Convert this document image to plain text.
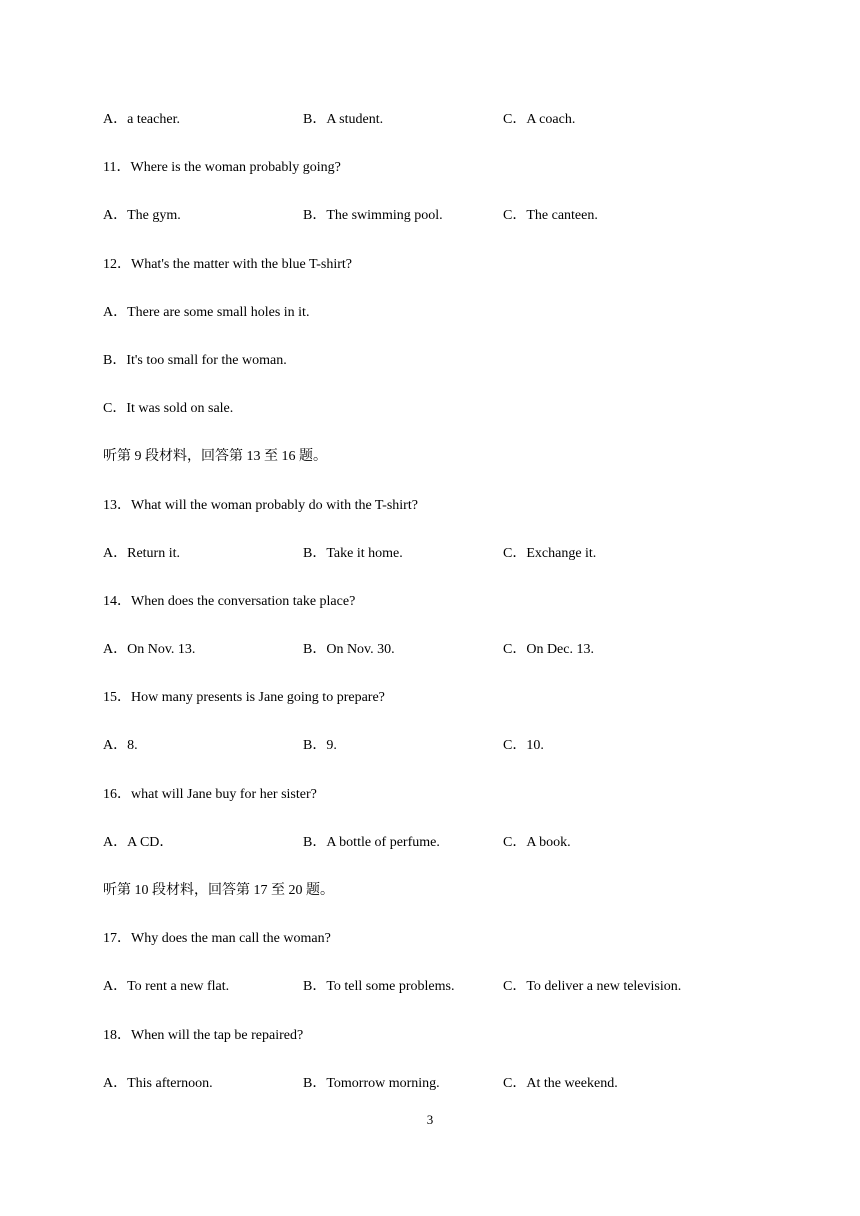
A．a teacher.	B．A student.	C．A coach.
11．Where is the woman probably going?
A．The gym.	B．The swimming pool.	C．The canteen.
12．What's the matter with the blue T-shirt?
A．There are some small holes in it.
B．It's too small for the woman.
C．It was sold on sale.
听第 9 段材料，回答第 13 至 16 题。
13．What will the woman probably do with the T-shirt?
A．Return it.	B．Take it home.	C．Exchange it.
14．When does the conversation take place?
A．On Nov. 13.	B．On Nov. 30.	C．On Dec. 13.
15．How many presents is Jane going to prepare?
A．8.	B．9.	C．10.
16．what will Jane buy for her sister?
A．A CD．	B．A bottle of perfume.	C．A book.
听第 10 段材料，回答第 17 至 20 题。
17．Why does the man call the woman?
A．To rent a new flat.	B．To tell some problems.	C．To deliver a new television.
18．When will the tap be repaired?
A．This afternoon.	B．Tomorrow morning.	C．At the weekend.
3
